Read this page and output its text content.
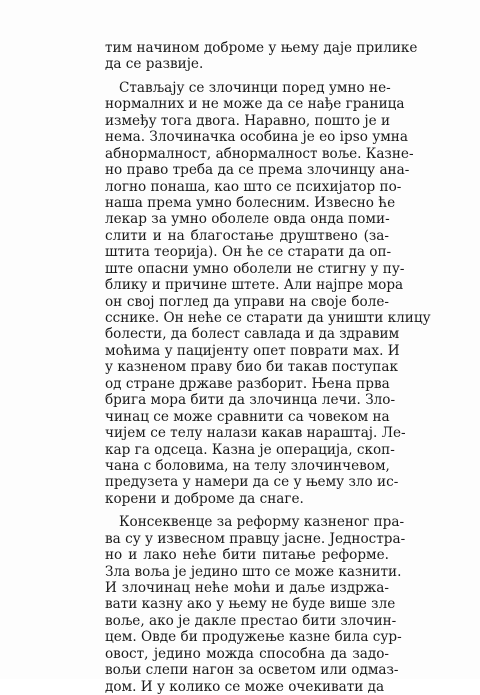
тим начином доброме у њему даје прилике
да се развије.
Стављају се злочинци поред умно не-
нормалних и не може да се нађе граница
између тога двога. Нарaвно, пошто је и
нема. Злочиначка особина је ео ipso умна
абнормалност, абнормалност воље. Казне-
но право треба да се према злочинцу ана-
логно понаша, као што се психијатор по-
наша према умно болесним. Извесно ће
лекар за умно оболеле овда онда поми-
слити и на благостање друштвено (за-
штита теорија). Он ће се старати да оп-
ште опасни умно оболели не стигну у пу-
блику и причине штете. Али најпре мора
он свој поглед да управи на своје боле-
сснике. Он неће се старати да уништи клицу
болести, да болест савлада и да здравим
моћима у пацијенту опет поврати мах. И
у казненом праву био би такав поступак
од стране државе разборит. Њена прва
брига мора бити да злочинца лечи. Зло-
чинац се може сравнити са човеком на
чијем се телу налази какав нараштај. Ле-
кар га одсеца. Казна је операција, скоп-
чана с боловима, на телу злочинчевом,
предузета у намери да се у њему зло ис-
корени и доброме да снаге.
Консеквенце за реформу казненог пра-
ва су у извесном правцу јасне. Једностра-
но и лако неће бити питање реформе.
Зла воља је једино што се може казнити.
И злочинац неће моћи и даље издржа-
вати казну ако у њему не буде више зле
воље, ако је дакле престао бити злочин-
цем. Овде би продужење казне била сур-
овост, једино можда способна да задо-
вољи слепи нагон за осветом или одмаз-
дом. И у колико се може очекивати да
